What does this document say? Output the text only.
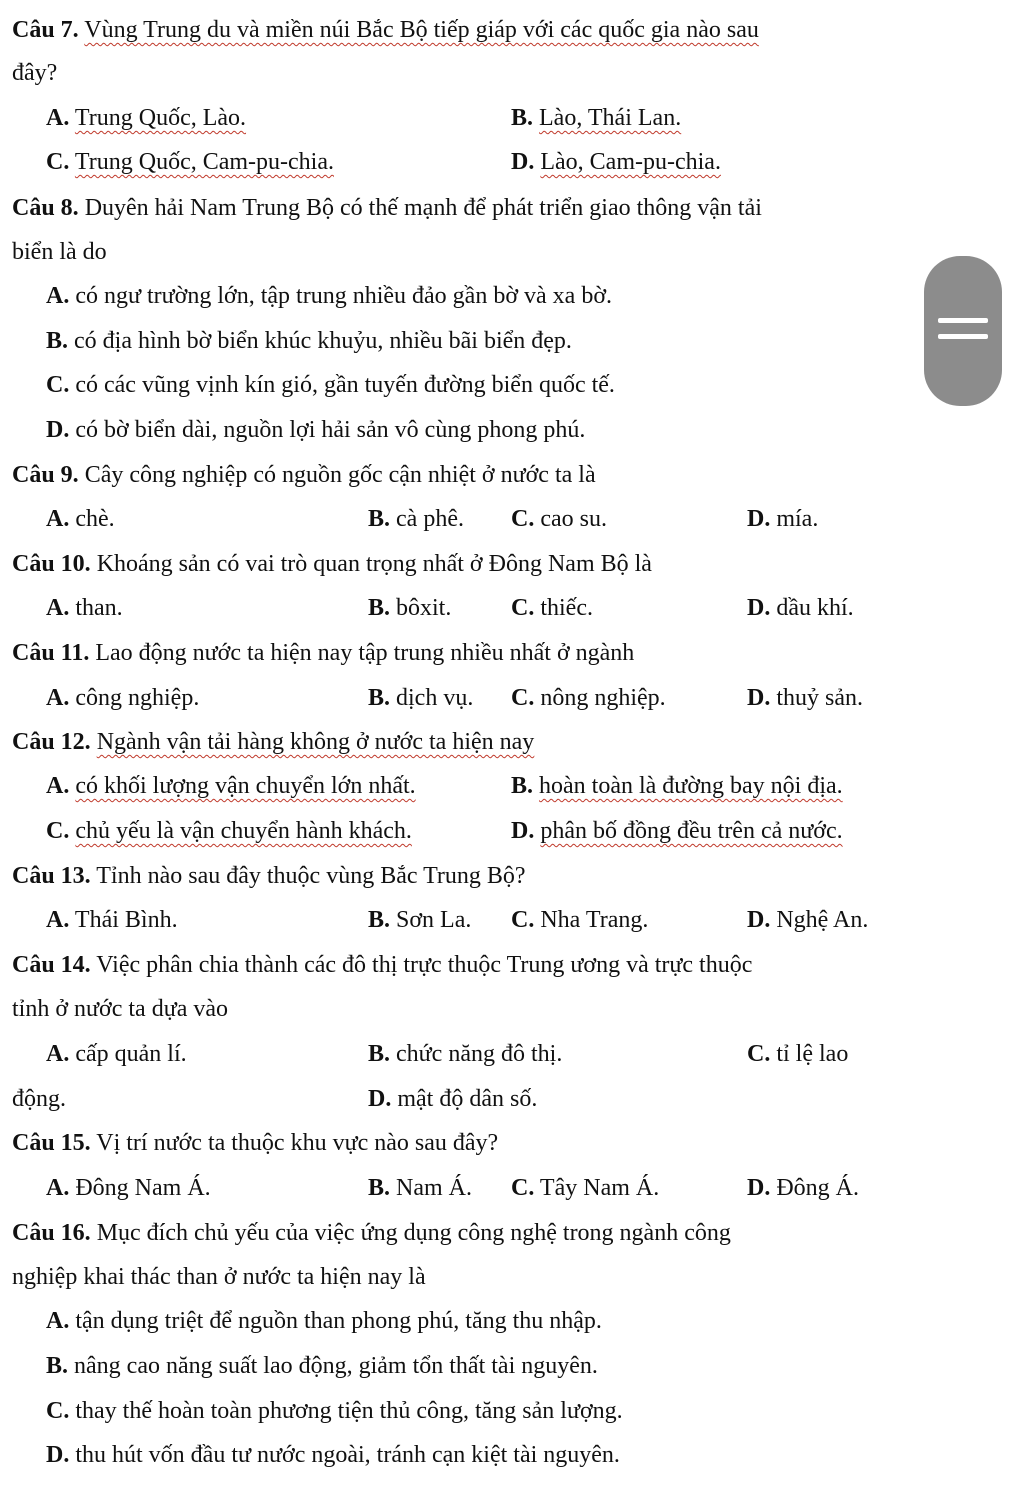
Câu 7. Vùng Trung du và miền núi Bắc Bộ tiếp giáp với các quốc gia nào sau
đây?
A. Trung Quốc, Lào.	B. Lào, Thái Lan.
C. Trung Quốc, Cam-pu-chia.	D. Lào, Cam-pu-chia.
Câu 8. Duyên hải Nam Trung Bộ có thế mạnh để phát triển giao thông vận tải
biển là do
A. có ngư trường lớn, tập trung nhiều đảo gần bờ và xa bờ.
B. có địa hình bờ biển khúc khuỷu, nhiều bãi biển đẹp.
C. có các vũng vịnh kín gió, gần tuyến đường biển quốc tế.
D. có bờ biển dài, nguồn lợi hải sản vô cùng phong phú.
Câu 9. Cây công nghiệp có nguồn gốc cận nhiệt ở nước ta là
A. chè.	B. cà phê. C. cao su.	D. mía.
Câu 10. Khoáng sản có vai trò quan trọng nhất ở Đông Nam Bộ là
A. than.	B. bôxit. C. thiếc.	D. dầu khí.
Câu 11. Lao động nước ta hiện nay tập trung nhiều nhất ở ngành
A. công nghiệp.	B. dịch vụ. C. nông nghiệp.	D. thuỷ sản.
Câu 12. Ngành vận tải hàng không ở nước ta hiện nay
A. có khối lượng vận chuyển lớn nhất.	B. hoàn toàn là đường bay nội địa.
C. chủ yếu là vận chuyển hành khách.	D. phân bố đồng đều trên cả nước.
Câu 13. Tỉnh nào sau đây thuộc vùng Bắc Trung Bộ?
A. Thái Bình.	B. Sơn La. C. Nha Trang.	D. Nghệ An.
Câu 14. Việc phân chia thành các đô thị trực thuộc Trung ương và trực thuộc
tỉnh ở nước ta dựa vào
A. cấp quản lí.	B. chức năng đô thị.	C. tỉ lệ lao
động.	D. mật độ dân số.
Câu 15. Vị trí nước ta thuộc khu vực nào sau đây?
A. Đông Nam Á.	B. Nam Á. C. Tây Nam Á.	D. Đông Á.
Câu 16. Mục đích chủ yếu của việc ứng dụng công nghệ trong ngành công
nghiệp khai thác than ở nước ta hiện nay là
A. tận dụng triệt để nguồn than phong phú, tăng thu nhập.
B. nâng cao năng suất lao động, giảm tổn thất tài nguyên.
C. thay thế hoàn toàn phương tiện thủ công, tăng sản lượng.
D. thu hút vốn đầu tư nước ngoài, tránh cạn kiệt tài nguyên.
